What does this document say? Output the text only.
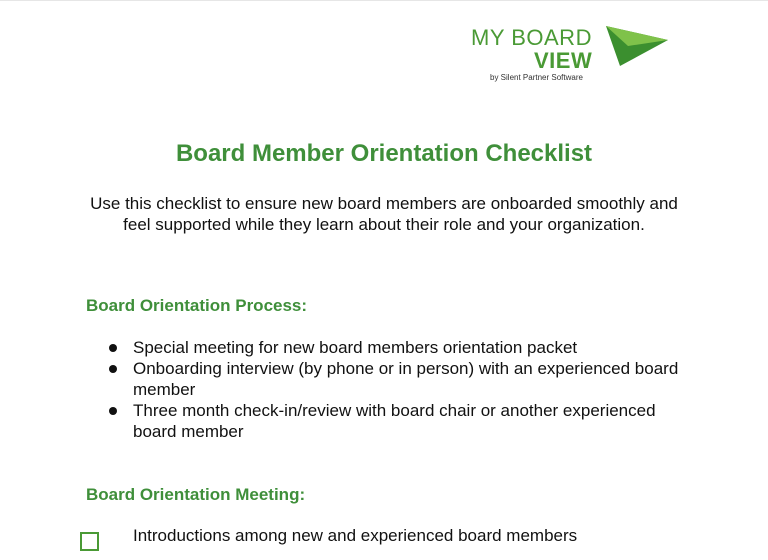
MY BOARD
VIEW
by Silent Partner Software
Board Member Orientation Checklist
Use this checklist to ensure new board members are onboarded smoothly and feel supported while they learn about their role and your organization.
Board Orientation Process:
Special meeting for new board members orientation packet
Onboarding interview (by phone or in person) with an experienced board member
Three month check-in/review with board chair or another experienced board member
Board Orientation Meeting:
Introductions among new and experienced board members
